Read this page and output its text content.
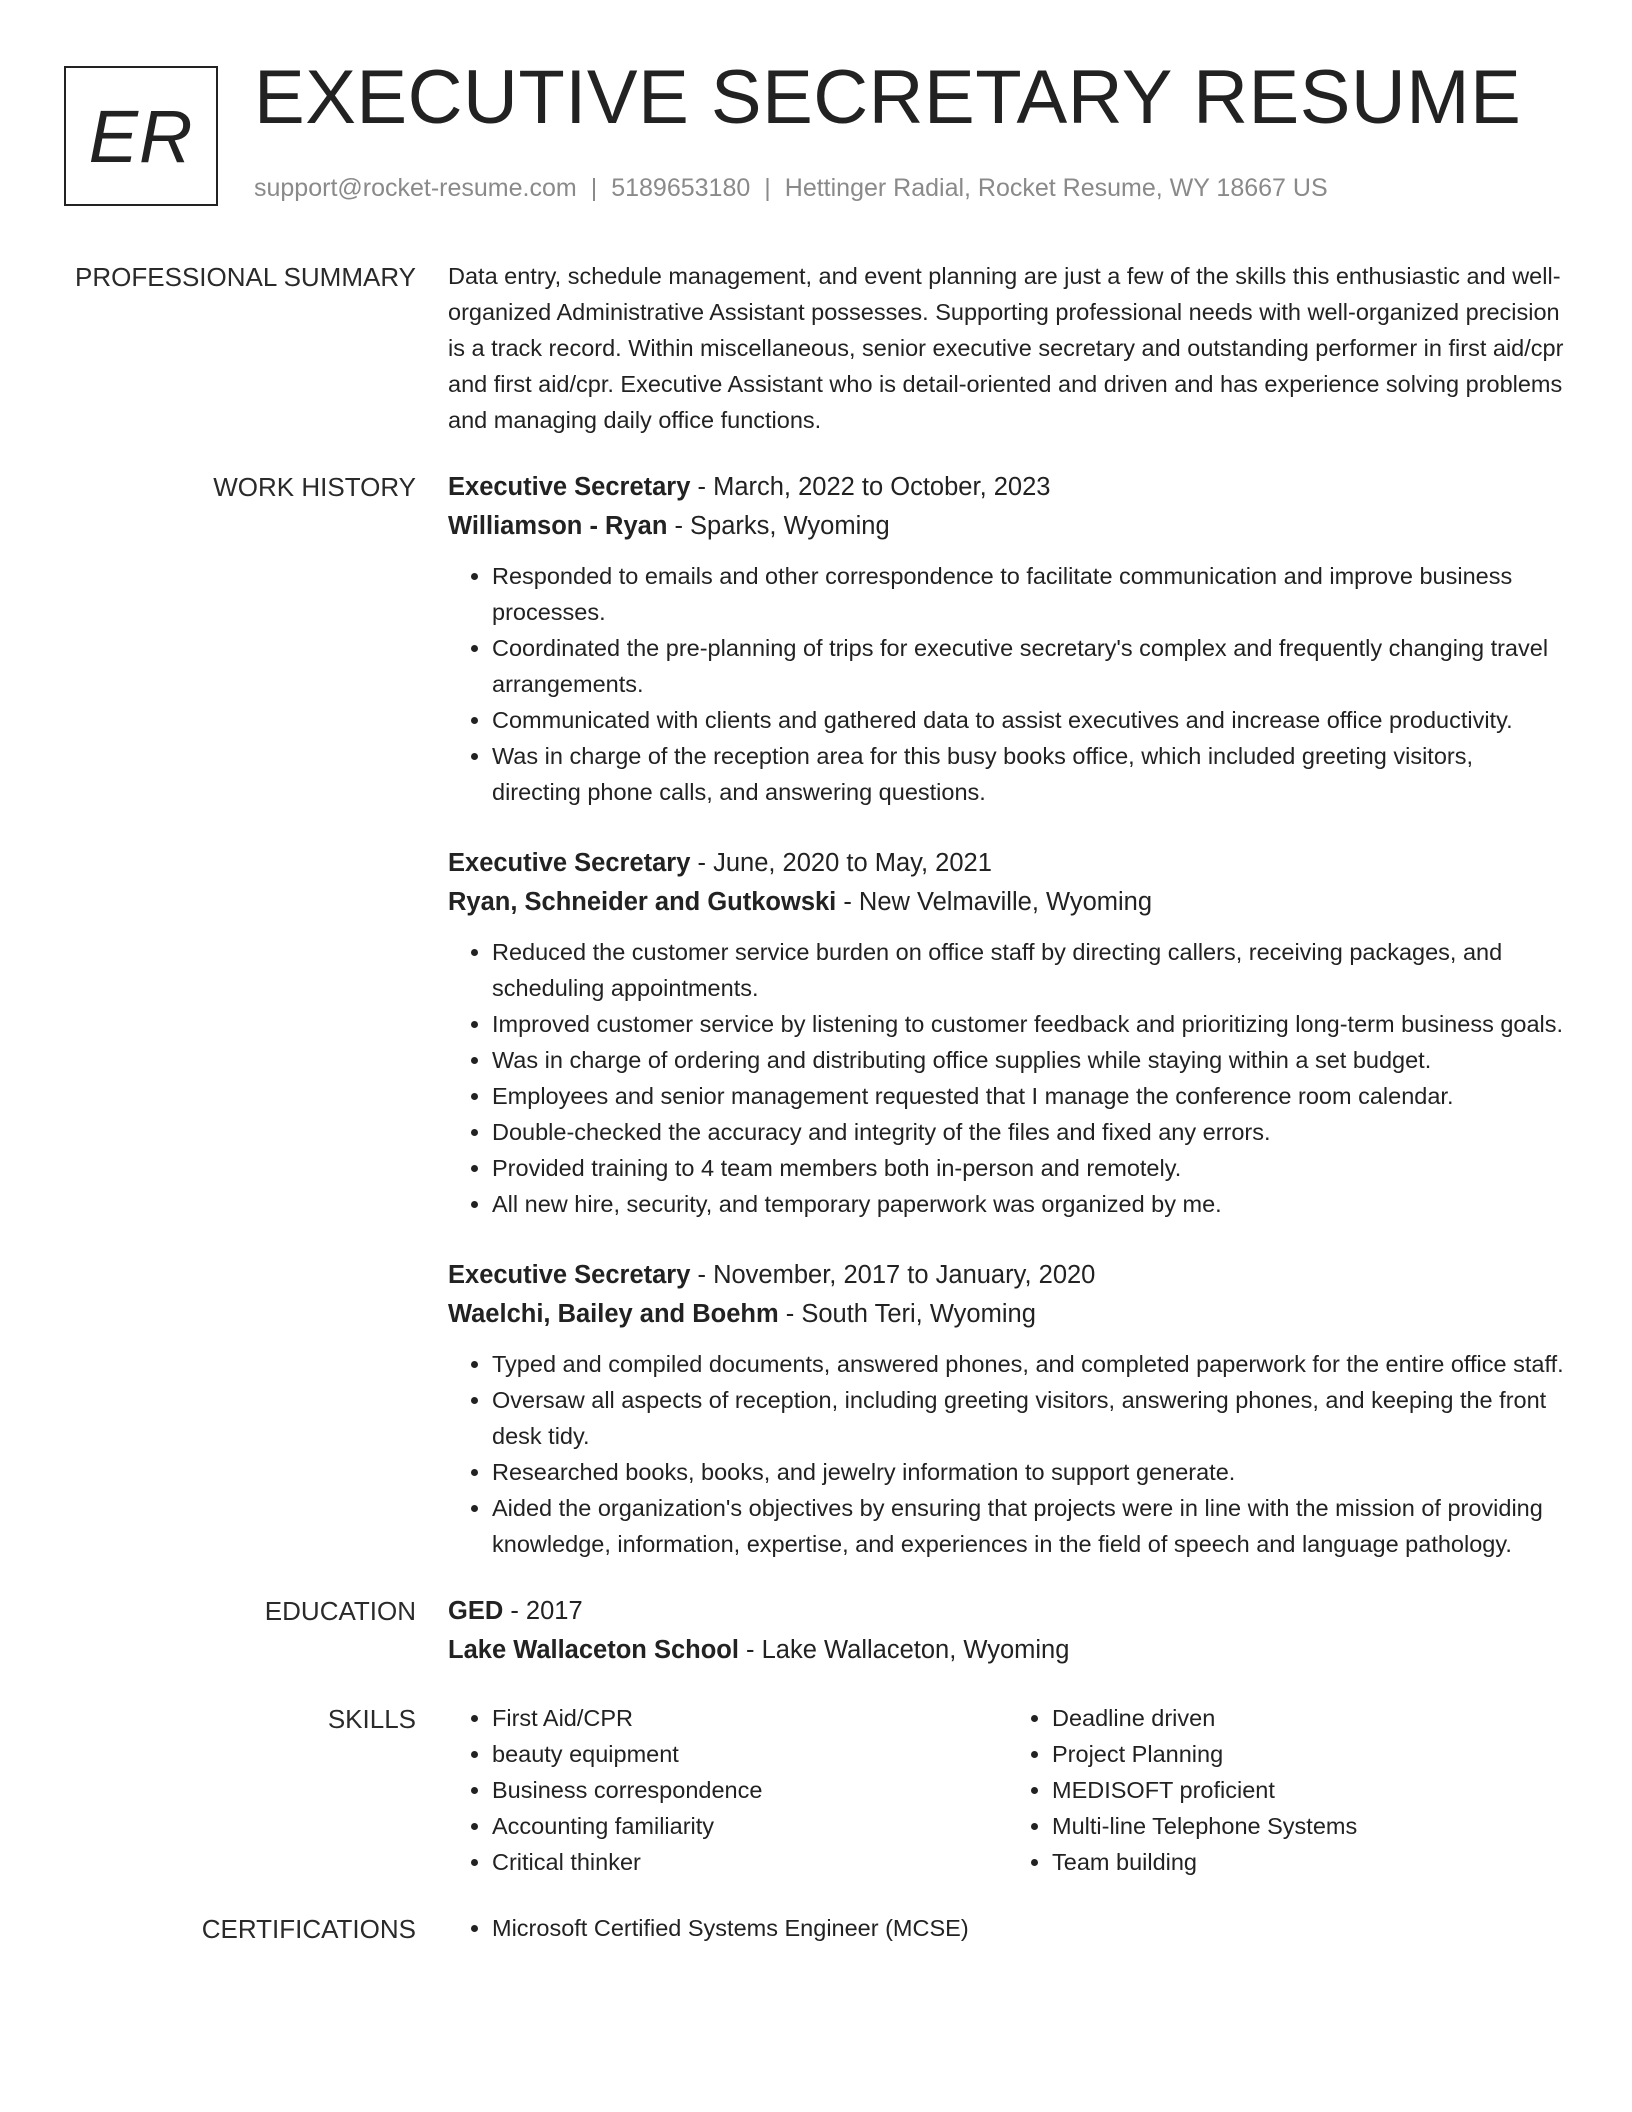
ER EXECUTIVE SECRETARY RESUME
support@rocket-resume.com | 5189653180 | Hettinger Radial, Rocket Resume, WY 18667 US
PROFESSIONAL SUMMARY Data entry, schedule management, and event planning are just a few of the skills this enthusiastic and well-organized Administrative Assistant possesses. Supporting professional needs with well-organized precision is a track record. Within miscellaneous, senior executive secretary and outstanding performer in first aid/cpr and first aid/cpr. Executive Assistant who is detail-oriented and driven and has experience solving problems and managing daily office functions.

WORK HISTORY Executive Secretary - March, 2022 to October, 2023
Williamson - Ryan - Sparks, Wyoming
• Responded to emails and other correspondence to facilitate communication and improve business processes.
• Coordinated the pre-planning of trips for executive secretary's complex and frequently changing travel arrangements.
• Communicated with clients and gathered data to assist executives and increase office productivity.
• Was in charge of the reception area for this busy books office, which included greeting visitors, directing phone calls, and answering questions.
Executive Secretary - June, 2020 to May, 2021
Ryan, Schneider and Gutkowski - New Velmaville, Wyoming
• Reduced the customer service burden on office staff by directing callers, receiving packages, and scheduling appointments.
• Improved customer service by listening to customer feedback and prioritizing long-term business goals.
• Was in charge of ordering and distributing office supplies while staying within a set budget.
• Employees and senior management requested that I manage the conference room calendar.
• Double-checked the accuracy and integrity of the files and fixed any errors.
• Provided training to 4 team members both in-person and remotely.
• All new hire, security, and temporary paperwork was organized by me.
Executive Secretary - November, 2017 to January, 2020
Waelchi, Bailey and Boehm - South Teri, Wyoming
• Typed and compiled documents, answered phones, and completed paperwork for the entire office staff.
• Oversaw all aspects of reception, including greeting visitors, answering phones, and keeping the front desk tidy.
• Researched books, books, and jewelry information to support generate.
• Aided the organization's objectives by ensuring that projects were in line with the mission of providing knowledge, information, expertise, and experiences in the field of speech and language pathology.
EDUCATION GED - 2017
Lake Wallaceton School - Lake Wallaceton, Wyoming
SKILLS	• First Aid/CPR
• beauty equipment
• Business correspondence
• Accounting familiarity
• Critical thinker
• Deadline driven
• Project Planning
• MEDISOFT proficient
• Multi-line Telephone Systems
• Team building
CERTIFICATIONS	• Microsoft Certified Systems Engineer (MCSE)
